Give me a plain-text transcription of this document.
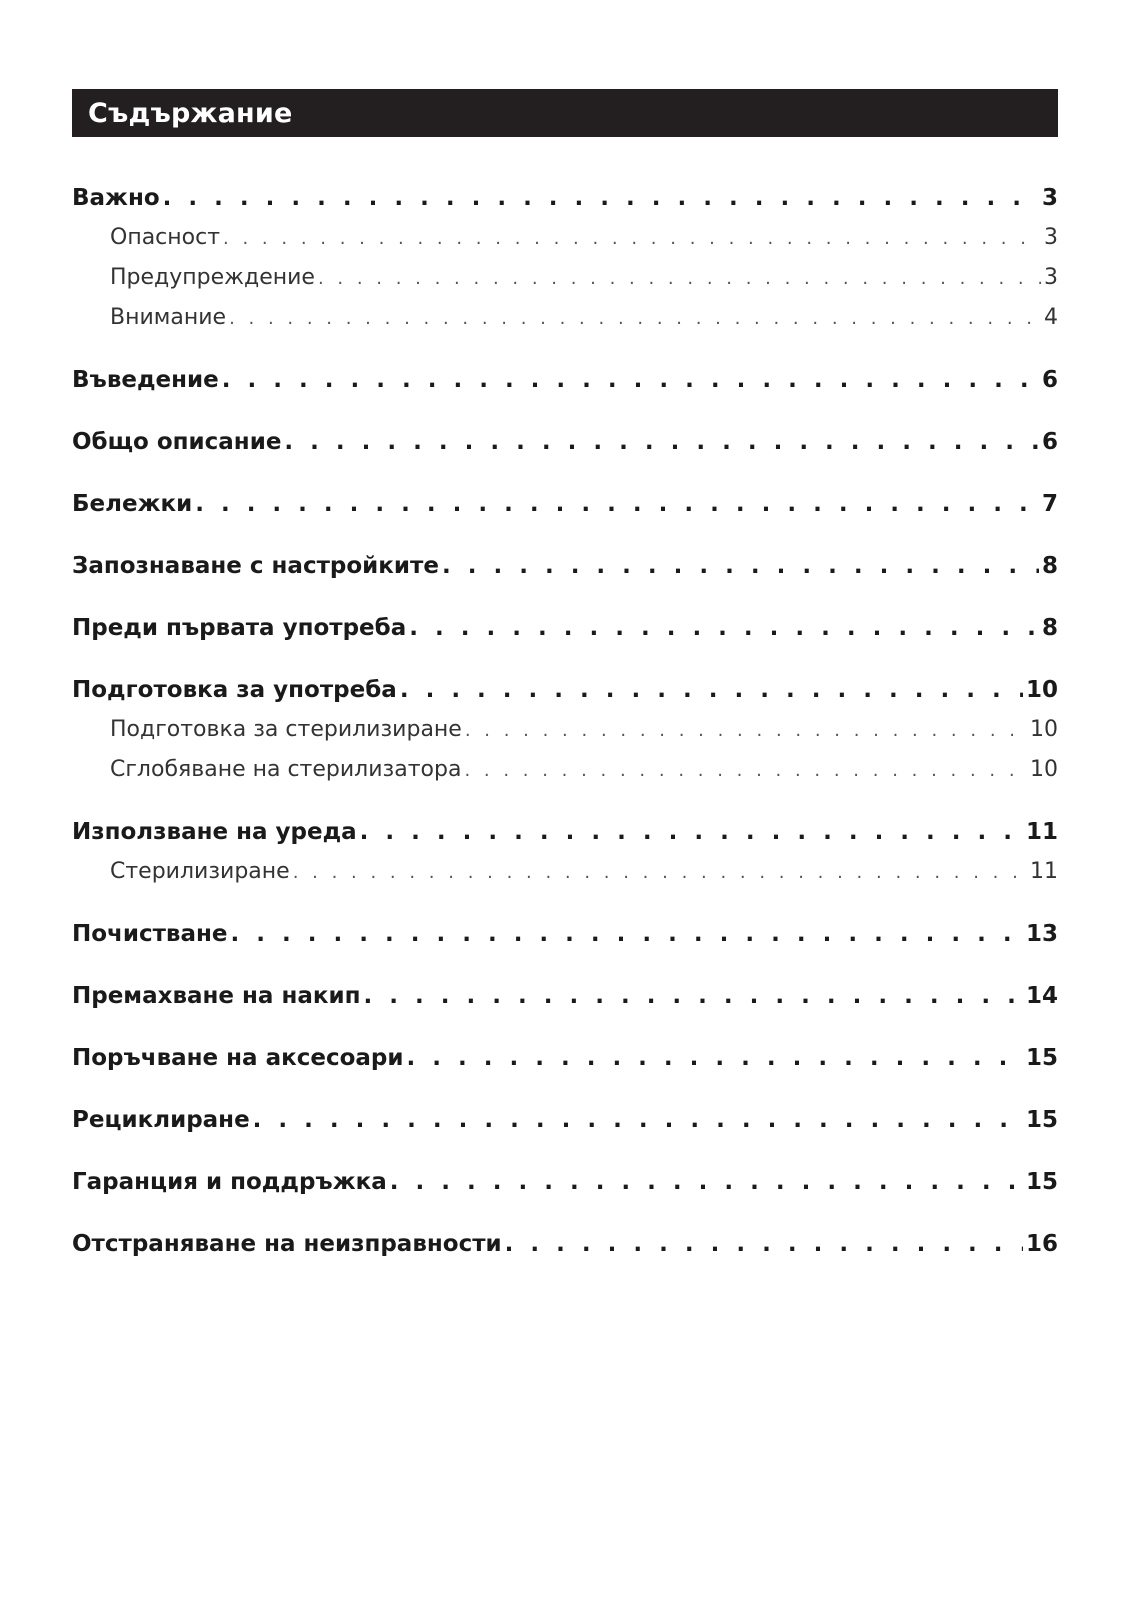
Съдържание
Важно . . .	3
Опасност . . .	3
Предупреждение . . .	3
Внимание . . .	4
Въведение . . .	6
Общо описание . . .	6
Бележки . . .	7
Запознаване с настройките . . .	8
Преди първата употреба . . .	8
Подготовка за употреба . . .	10
Подготовка за стерилизиране . . .	10
Сглобяване на стерилизатора . . .	10
Използване на уреда . . .	11
Стерилизиране . . .	11
Почистване . . .	13
Премахване на накип . . .	14
Поръчване на аксесоари . . .	15
Рециклиране . . .	15
Гаранция и поддръжка . . .	15
Отстраняване на неизправности . . .	16
